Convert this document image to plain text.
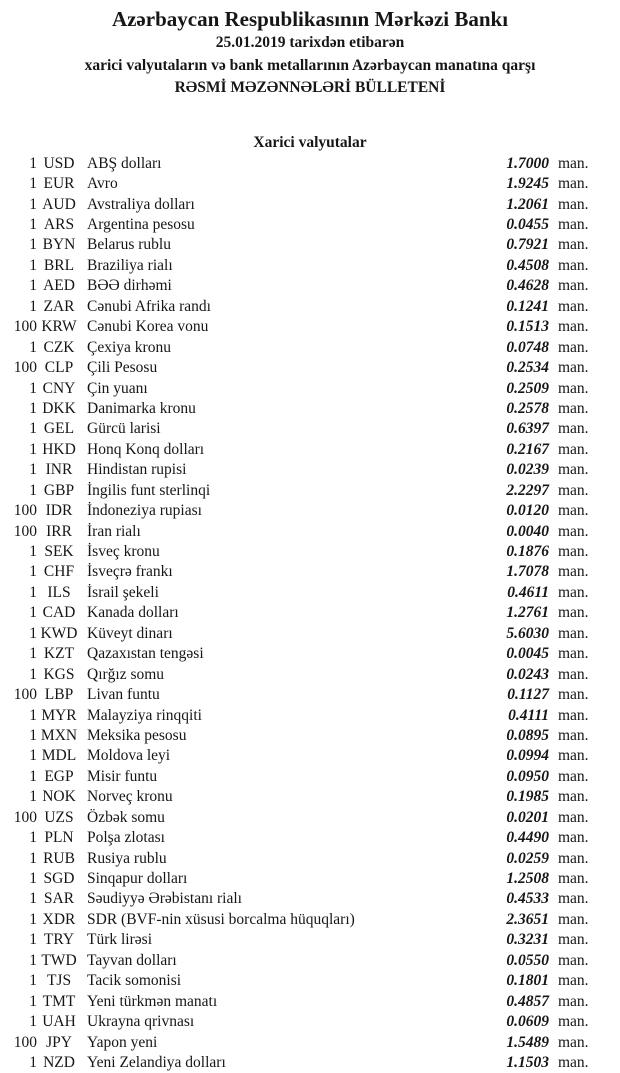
Azərbaycan Respublikasının Mərkəzi Bankı
25.01.2019 tarixdən etibarən
xarici valyutaların və bank metallarının Azərbaycan manatına qarşı
RƏSMİ MƏZƏNNƏLƏRİ BÜLLETENİ
Xarici valyutalar
1 USD ABŞ dolları	1.7000 man.
1 EUR Avro	1.9245 man.
1 AUD Avstraliya dolları	1.2061 man.
1 ARS Argentina pesosu	0.0455 man.
1 BYN Belarus rublu	0.7921 man.
1 BRL Braziliya rialı	0.4508 man.
1 AED BƏƏ dirhəmi	0.4628 man.
1 ZAR Cənubi Afrika randı	0.1241 man.
100 KRW Cənubi Korea vonu	0.1513 man.
1 CZK Çexiya kronu	0.0748 man.
100 CLP Çili Pesosu	0.2534 man.
1 CNY Çin yuanı	0.2509 man.
1 DKK Danimarka kronu	0.2578 man.
1 GEL Gürcü larisi	0.6397 man.
1 HKD Honq Konq dolları	0.2167 man.
1 INR Hindistan rupisi	0.0239 man.
1 GBP İngilis funt sterlinqi	2.2297 man.
100 IDR İndoneziya rupiası	0.0120 man.
100 IRR İran rialı	0.0040 man.
1 SEK İsveç kronu	0.1876 man.
1 CHF İsveçrə frankı	1.7078 man.
1 ILS	İsrail şekeli	0.4611 man.
1 CAD Kanada dolları	1.2761 man.
1 KWD Küveyt dinarı	5.6030 man.
1 KZT Qazaxıstan tengəsi	0.0045 man.
1 KGS Qırğız somu	0.0243 man.
100 LBP Livan funtu	0.1127 man.
1 MYR Malayziya rinqqiti	0.4111 man.
1 MXN Meksika pesosu	0.0895 man.
1 MDL Moldova leyi	0.0994 man.
1 EGP Misir funtu	0.0950 man.
1 NOK Norveç kronu	0.1985 man.
100 UZS Özbək somu	0.0201 man.
1 PLN Polşa zlotası	0.4490 man.
1 RUB Rusiya rublu	0.0259 man.
1 SGD Sinqapur dolları	1.2508 man.
1 SAR Səudiyyə Ərəbistanı rialı	0.4533 man.
1 XDR SDR (BVF-nin xüsusi borcalma hüquqları)	2.3651 man.
1 TRY Türk lirəsi	0.3231 man.
1 TWD Tayvan dolları	0.0550 man.
1 TJS	Tacik somonisi	0.1801 man.
1 TMT Yeni türkmən manatı	0.4857 man.
1 UAH Ukrayna qrivnası	0.0609 man.
100 JPY Yapon yeni	1.5489 man.
1 NZD Yeni Zelandiya dolları	1.1503 man.
